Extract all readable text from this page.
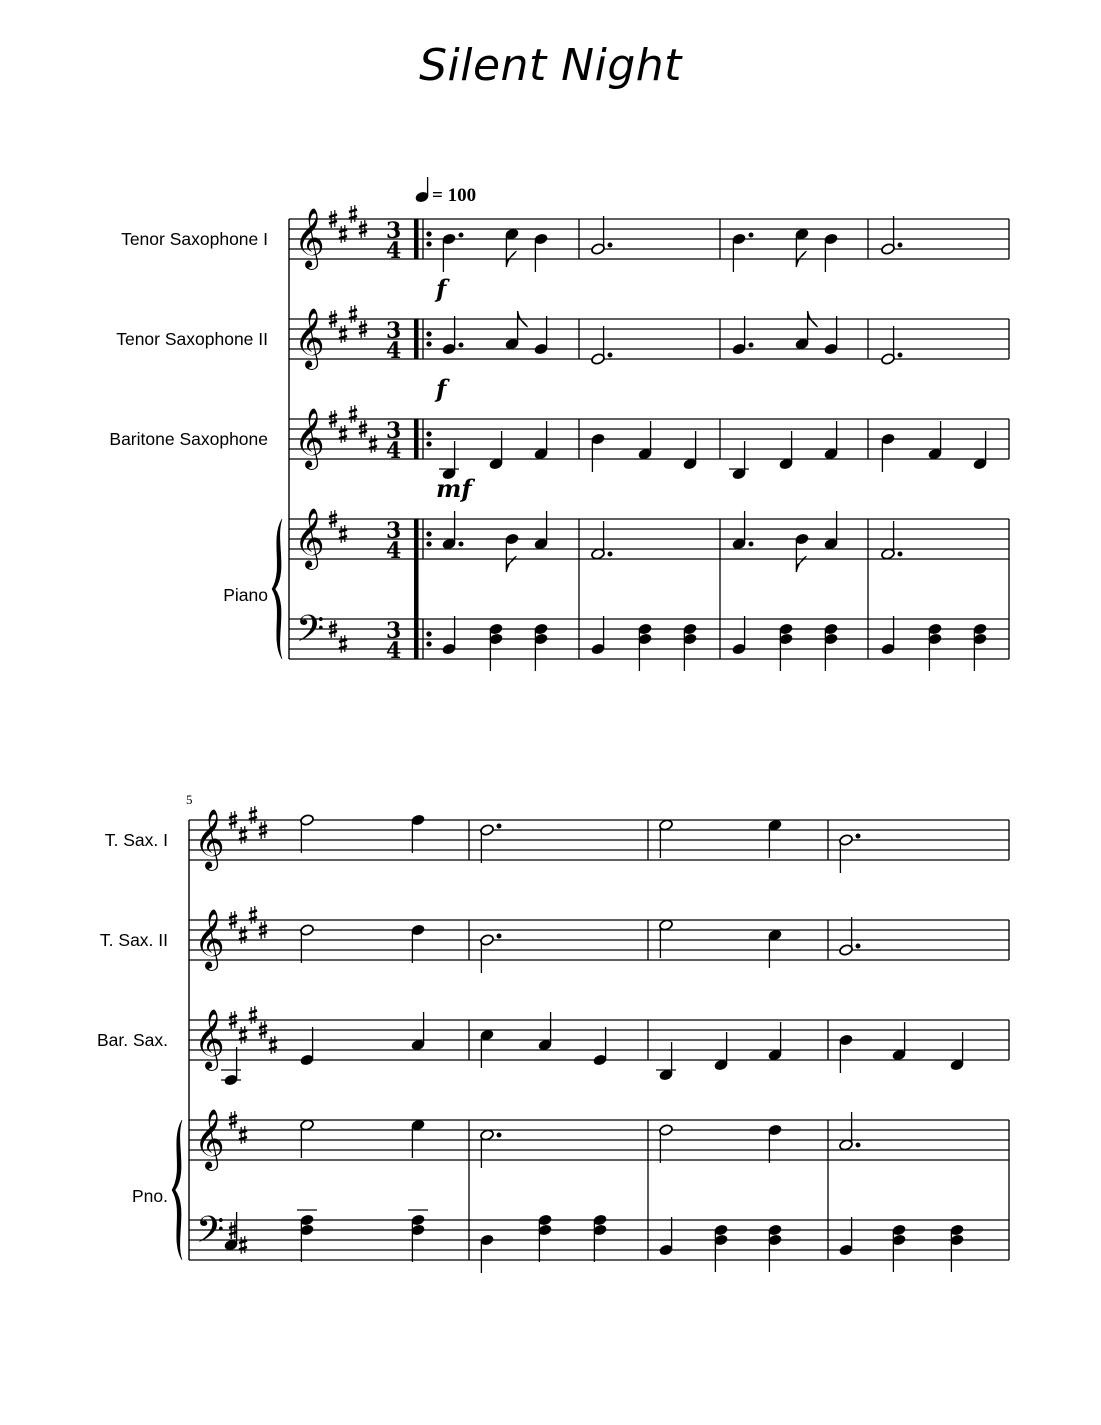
Silent Night
Tenor Saxophone I
Tenor Saxophone II
Baritone Saxophone
Piano
T. Sax. I
T. Sax. II
Bar. Sax.
Pno.
5
= 100
𝄞
𝄞
𝄞
𝄞
𝄢
3
4
3
4
3
4
3
4
3
4
f
f
mf
𝄞
𝄞
𝄞
𝄞
𝄢
